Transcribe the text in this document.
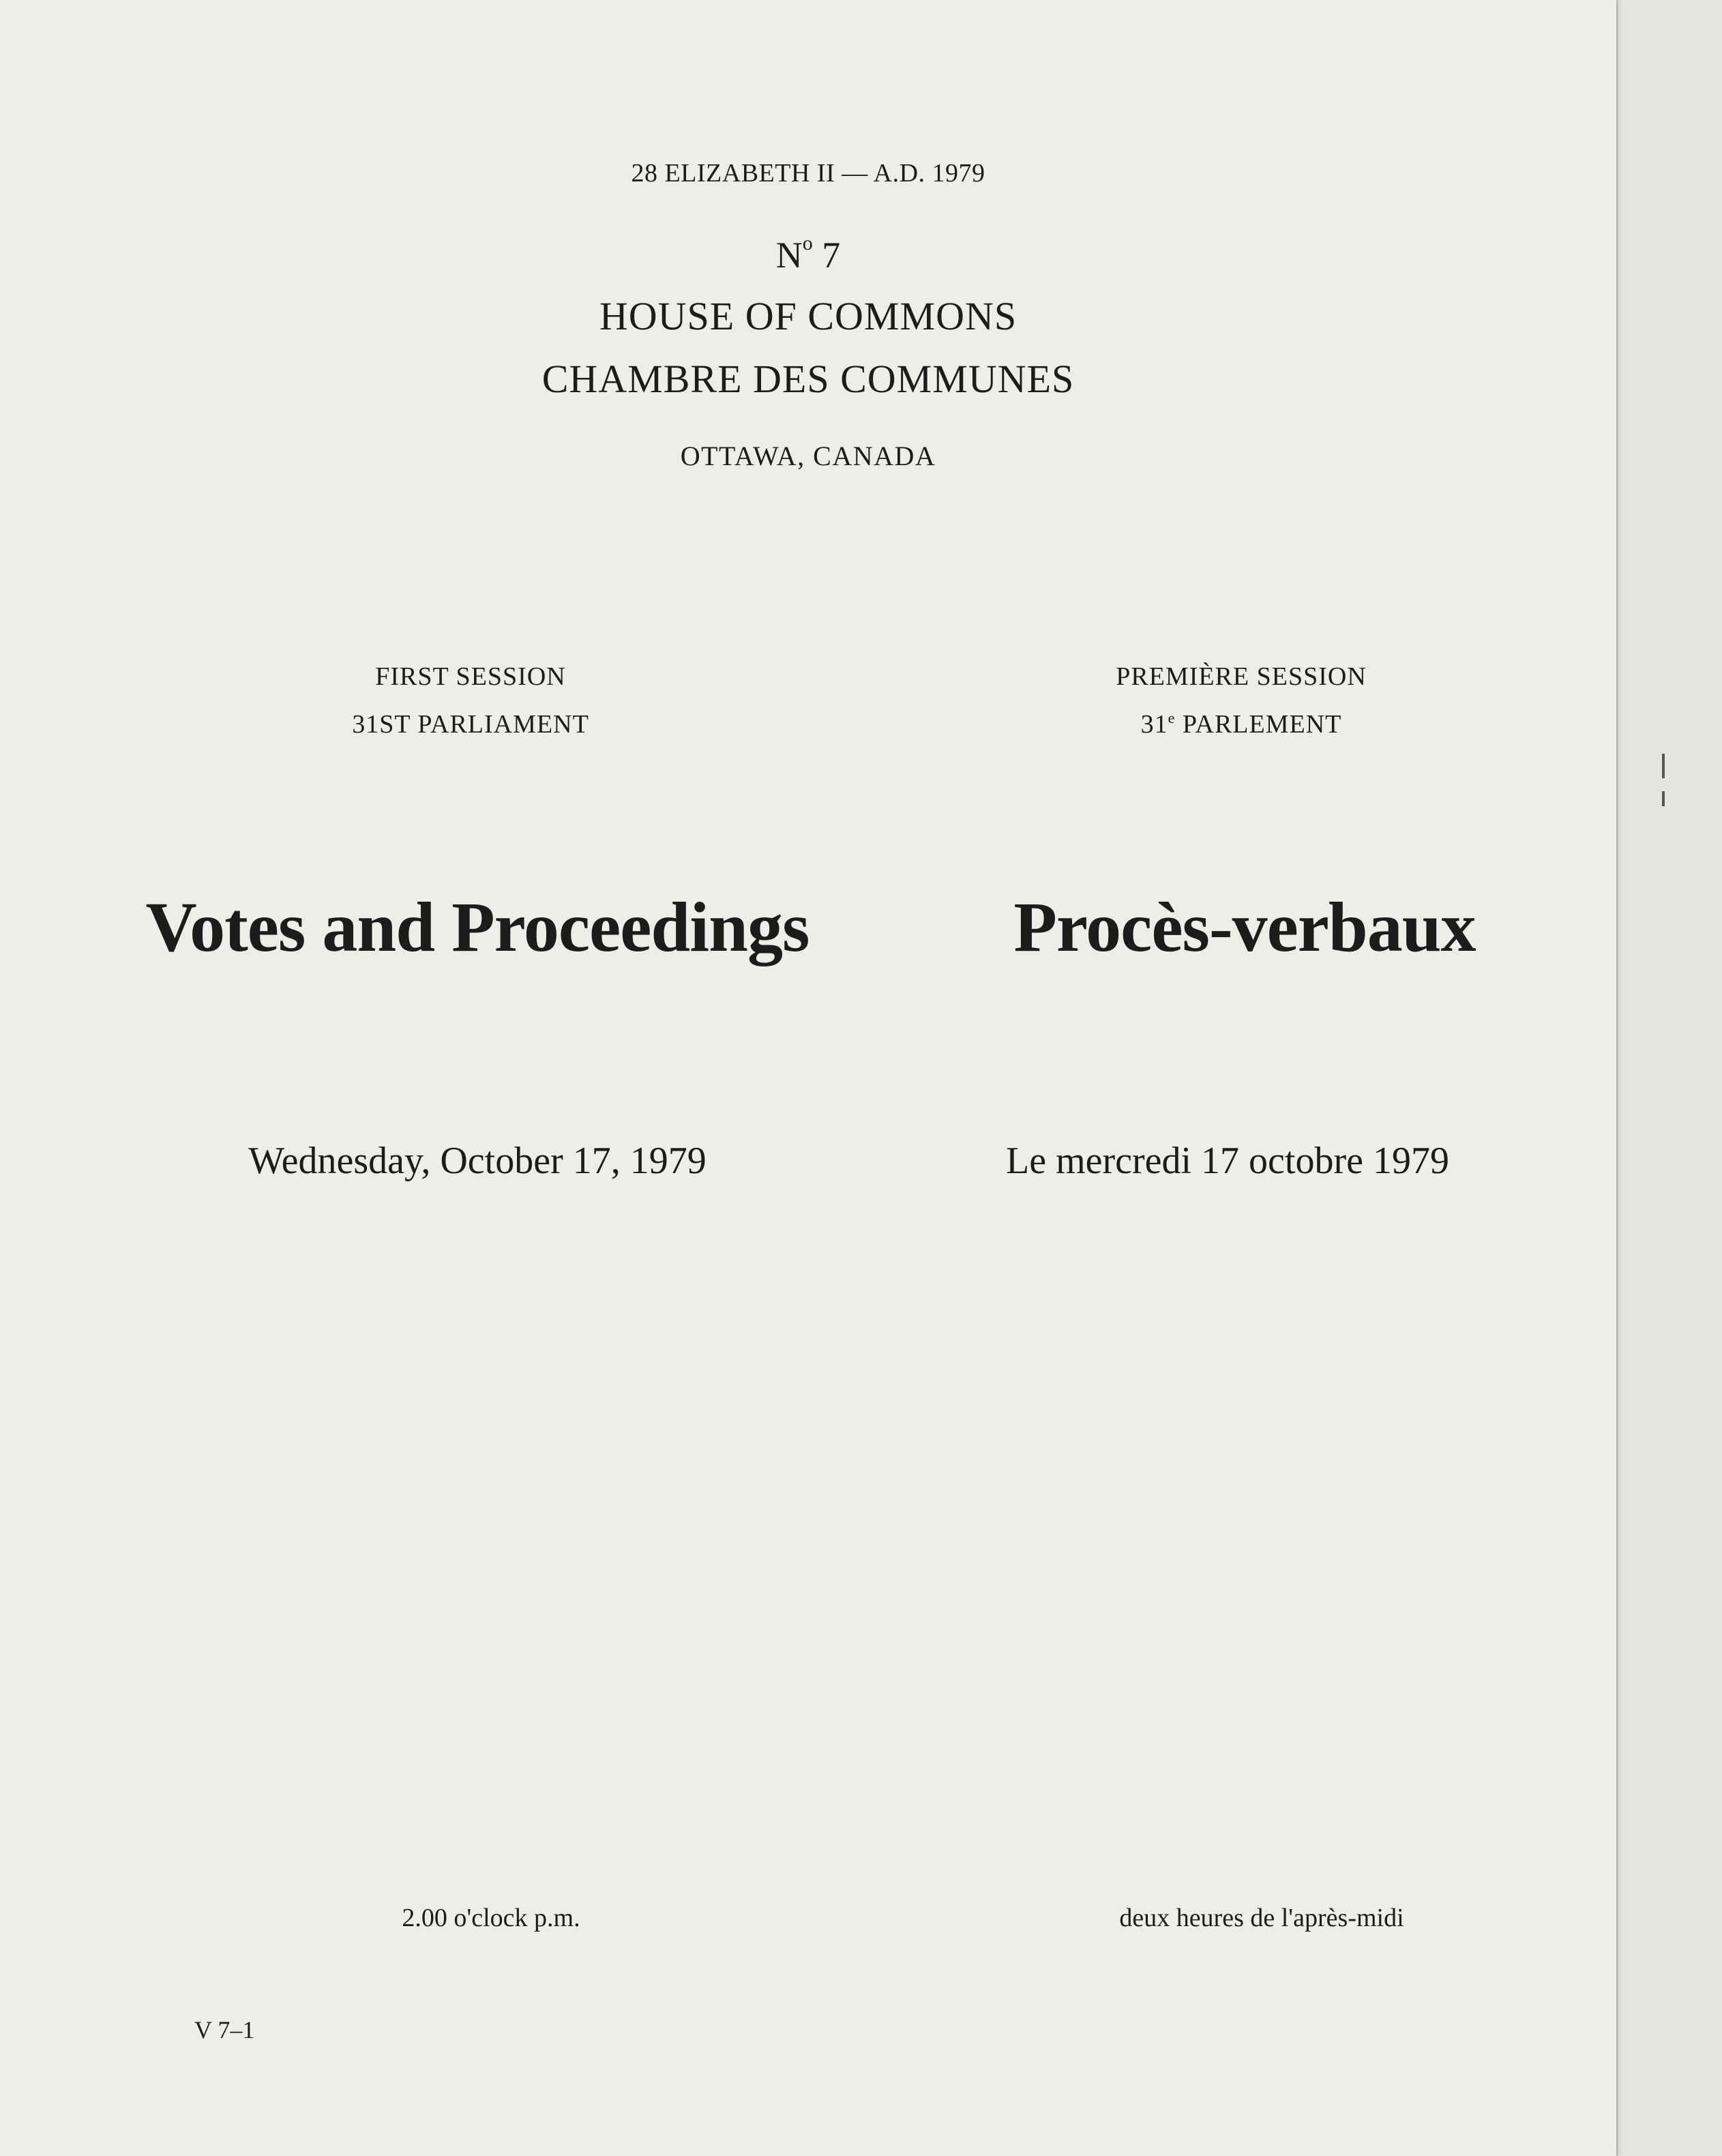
28 ELIZABETH II — A.D. 1979
$N^o$ 7
HOUSE OF COMMONS
CHAMBRE DES COMMUNES
OTTAWA, CANADA
FIRST SESSION
31ST PARLIAMENT
Votes and Proceedings
Wednesday, October 17, 1979
2.00 o'clock p.m.
PREMIÈRE SESSION
31e PARLEMENT
Procès-verbaux
Le mercredi 17 octobre 1979
deux heures de l'après-midi
V 7–1
